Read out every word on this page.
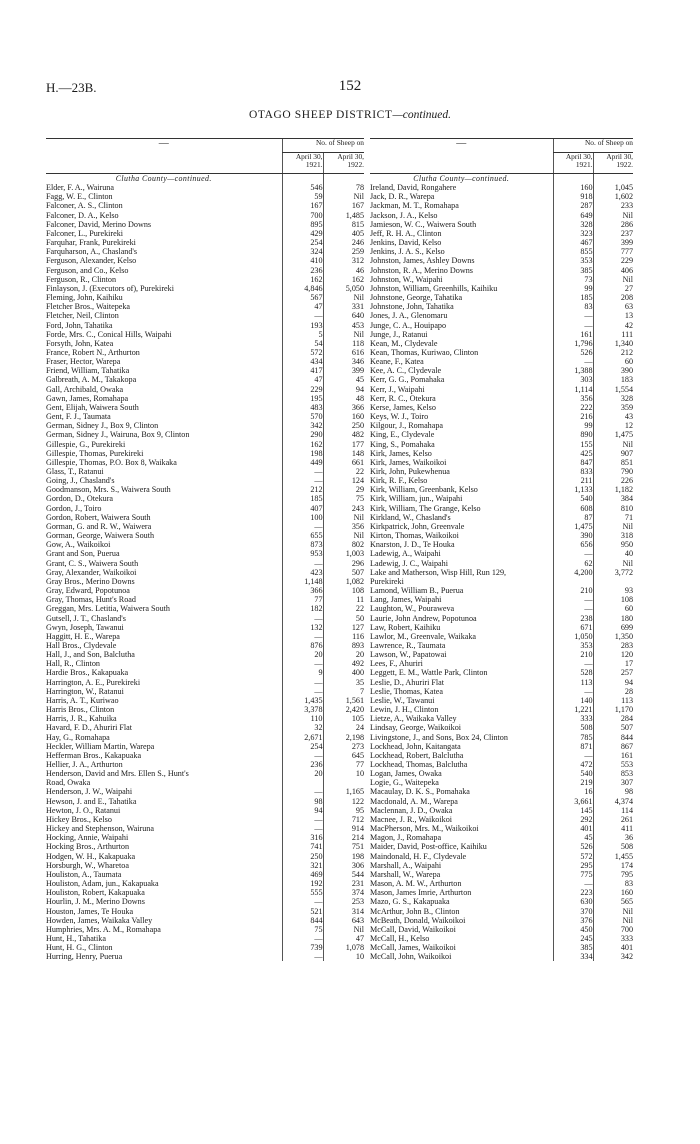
H.—23B.	152
OTAGO SHEEP DISTRICT—continued.
—	No. of Sheep on	
	April 30, 1921.	April 30, 1922.
Clutha County—continued.		
Elder, F. A., Wairuna	546	78
Fagg, W. E., Clinton	59	Nil
Falconer, A. S., Clinton	167	167
Falconer, D. A., Kelso	700	1,485
Falconer, David, Merino Downs	895	815
Falconer, L., Purekireki	429	405
Farquhar, Frank, Purekireki	254	246
Farquharson, A., Chasland's	324	259
Ferguson, Alexander, Kelso	410	312
Ferguson, and Co., Kelso	236	46
Ferguson, R., Clinton	162	162
Finlayson, J. (Executors of), Purekireki	4,846	5,050
Fleming, John, Kaihiku	567	Nil
Fletcher Bros., Waitepeka	47	331
Fletcher, Neil, Clinton	—	640
Ford, John, Tahatika	193	453
Forde, Mrs. C., Conical Hills, Waipahi	5	Nil
Forsyth, John, Katea	54	118
France, Robert N., Arthurton	572	616
Fraser, Hector, Warepa	434	346
Friend, William, Tahatika	417	399
Galbreath, A. M., Takakopa	47	45
Gall, Archibald, Owaka	229	94
Gawn, James, Romahapa	195	48
Gent, Elijah, Waiwera South	483	366
Gent, F. J., Taumata	570	160
German, Sidney J., Box 9, Clinton	342	250
German, Sidney J., Wairuna, Box 9, Clinton	290	482
Gillespie, G., Purekireki	162	177
Gillespie, Thomas, Purekireki	198	148
Gillespie, Thomas, P.O. Box 8, Waikaka	449	661
Glass, T., Ratanui	—	22
Going, J., Chasland's	—	124
Goodmanson, Mrs. S., Waiwera South	212	29
Gordon, D., Otekura	185	75
Gordon, J., Toiro	407	243
Gordon, Robert, Waiwera South	100	Nil
Gorman, G. and R. W., Waiwera	—	356
Gorman, George, Waiwera South	655	Nil
Gow, A., Waikoikoi	873	802
Grant and Son, Puerua	953	1,003
Grant, C. S., Waiwera South	—	296
Gray, Alexander, Waikoikoi	423	507
Gray Bros., Merino Downs	1,148	1,082
Gray, Edward, Popotunoa	366	108
Gray, Thomas, Hunt's Road	77	11
Greggan, Mrs. Letitia, Waiwera South	182	22
Gutsell, J. T., Chasland's	—	50
Gwyn, Joseph, Tawanui	132	127
Haggitt, H. E., Warepa	—	116
Hall Bros., Clydevale	876	893
Hall, J., and Son, Balclutha	20	20
Hall, R., Clinton	—	492
Hardie Bros., Kakapuaka	9	400
Harrington, A. E., Purekireki	—	35
Harrington, W., Ratanui	—	7
Harris, A. T., Kuriwao	1,435	1,561
Harris Bros., Clinton	3,378	2,420
Harris, J. R., Kahuika	110	105
Havard, F. D., Ahuriri Flat	32	24
Hay, G., Romahapa	2,671	2,198
Heckler, William Martin, Warepa	254	273
Hefferman Bros., Kakapuaka	—	645
Hellier, J. A., Arthurton	236	77
Henderson, David and Mrs. Ellen S., Hunt's	20	10
Road, Owaka		
Henderson, J. W., Waipahi	—	1,165
Hewson, J. and E., Tahatika	98	122
Hewton, J. O., Ratanui	94	95
Hickey Bros., Kelso	—	712
Hickey and Stephenson, Wairuna	—	914
Hocking, Annie, Waipahi	316	214
Hocking Bros., Arthurton	741	751
Hodgen, W. H., Kakapuaka	250	198
Horsburgh, W., Wharetoa	321	306
Houliston, A., Taumata	469	544
Houliston, Adam, jun., Kakapuaka	192	231
Houliston, Robert, Kakapuaka	555	374
Hourlin, J. M., Merino Downs	—	253
Houston, James, Te Houka	521	314
Howden, James, Waikaka Valley	844	643
Humphries, Mrs. A. M., Romahapa	75	Nil
Hunt, H., Tahatika	—	47
Hunt, H. G., Clinton	739	1,078
Hurring, Henry, Puerua	—	10
—	No. of Sheep on	
	April 30, 1921.	April 30, 1922.
Clutha County—continued.		
Ireland, David, Rongahere	160	1,045
Jack, D. R., Warepa	918	1,602
Jackman, M. T., Romahapa	287	233
Jackson, J. A., Kelso	649	Nil
Jamieson, W. C., Waiwera South	328	286
Jeff, R. H. A., Clinton	323	237
Jenkins, David, Kelso	467	399
Jenkins, J. A. S., Kelso	855	777
Johnston, James, Ashley Downs	353	229
Johnston, R. A., Merino Downs	385	406
Johnston, W., Waipahi	73	Nil
Johnston, William, Greenhills, Kaihiku	99	27
Johnstone, George, Tahatika	185	208
Johnstone, John, Tahatika	83	63
Jones, J. A., Glenomaru	—	13
Junge, C. A., Houipapo	—	42
Junge, J., Ratanui	161	111
Kean, M., Clydevale	1,796	1,340
Kean, Thomas, Kuriwao, Clinton	526	212
Keane, F., Katea	—	60
Kee, A. C., Clydevale	1,388	390
Kerr, G. G., Pomahaka	303	183
Kerr, J., Waipahi	1,114	1,554
Kerr, R. C., Otekura	356	328
Kerse, James, Kelso	222	359
Keys, W. J., Toiro	216	43
Kilgour, J., Romahapa	99	12
King, E., Clydevale	890	1,475
King, S., Pomahaka	155	Nil
Kirk, James, Kelso	425	907
Kirk, James, Waikoikoi	847	851
Kirk, John, Pukewhenua	833	790
Kirk, R. F., Kelso	211	226
Kirk, William, Greenbank, Kelso	1,133	1,182
Kirk, William, jun., Waipahi	540	384
Kirk, William, The Grange, Kelso	608	810
Kirkland, W., Chasland's	87	71
Kirkpatrick, John, Greenvale	1,475	Nil
Kirton, Thomas, Waikoikoi	390	318
Knarston, J. D., Te Houka	656	950
Ladewig, A., Waipahi	—	40
Ladewig, J. C., Waipahi	62	Nil
Lake and Matherson, Wisp Hill, Run 129,	4,200	3,772
Purekireki		
Lamond, William B., Puerua	210	93
Lang, James, Waipahi	—	108
Laughton, W., Pouraweva	—	60
Laurie, John Andrew, Popotunoa	238	180
Law, Robert, Kaihiku	671	699
Lawlor, M., Greenvale, Waikaka	1,050	1,350
Lawrence, R., Taumata	353	283
Lawson, W., Papatowai	210	120
Lees, F., Ahuriri	—	17
Leggett, E. M., Wattle Park, Clinton	528	257
Leslie, D., Ahuriri Flat	113	94
Leslie, Thomas, Katea	—	28
Leslie, W., Tawanui	140	113
Lewin, J. H., Clinton	1,221	1,170
Lietze, A., Waikaka Valley	333	284
Lindsay, George, Waikoikoi	508	507
Livingstone, J., and Sons, Box 24, Clinton	785	844
Lockhead, John, Kaitangata	871	867
Lockhead, Robert, Balclutha	—	161
Lockhead, Thomas, Balclutha	472	553
Logan, James, Owaka	540	853
Logie, G., Waitepeka	219	307
Macaulay, D. K. S., Pomahaka	16	98
Macdonald, A. M., Warepa	3,661	4,374
Maclennan, J. D., Owaka	145	114
Macnee, J. R., Waikoikoi	292	261
MacPherson, Mrs. M., Waikoikoi	401	411
Magon, J., Romahapa	45	36
Maider, David, Post-office, Kaihiku	526	508
Maindonald, H. F., Clydevale	572	1,455
Marshall, A., Waipahi	295	174
Marshall, W., Warepa	775	795
Mason, A. M. W., Arthurton	—	83
Mason, James Imrie, Arthurton	223	160
Mazo, G. S., Kakapuaka	630	565
McArthur, John B., Clinton	370	Nil
McBeath, Donald, Waikoikoi	376	Nil
McCall, David, Waikoikoi	450	700
McCall, H., Kelso	245	333
McCall, James, Waikoikoi	385	401
McCall, John, Waikoikoi	334	342
